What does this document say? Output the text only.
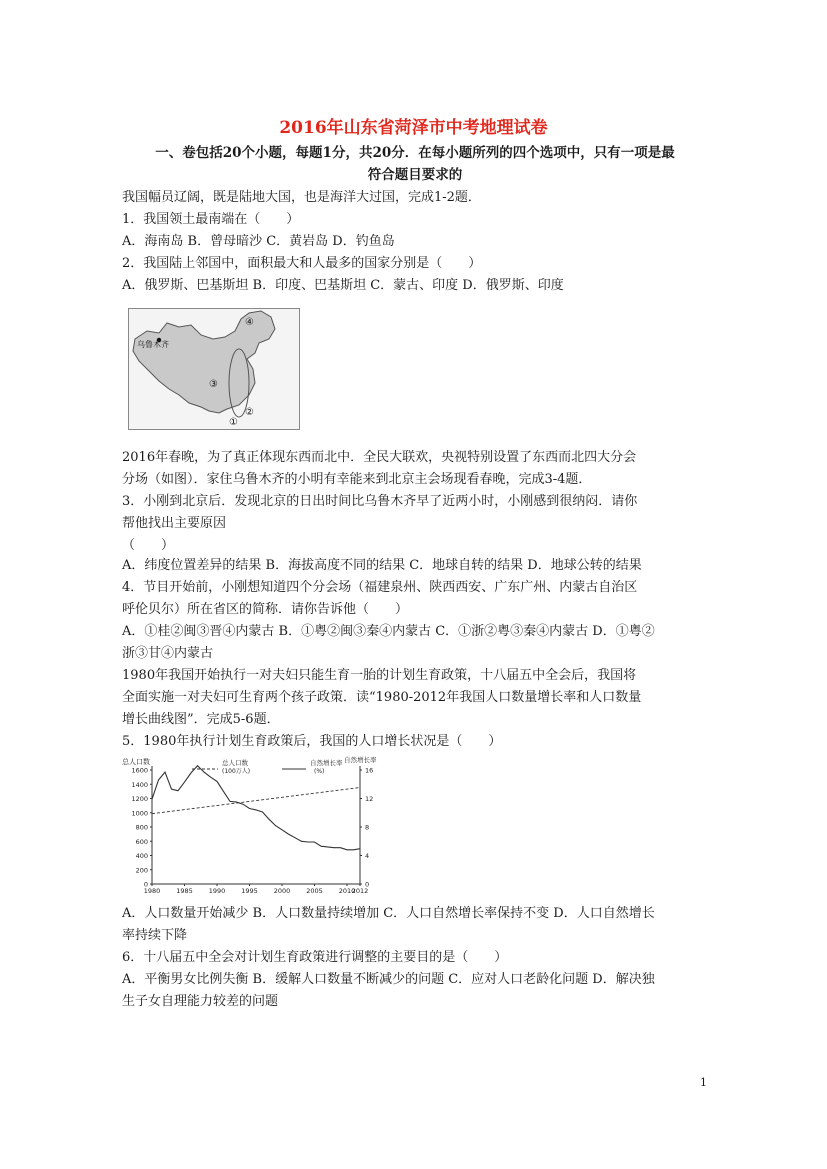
2016年山东省菏泽市中考地理试卷
一、卷包括20个小题，每题1分，共20分．在每小题所列的四个选项中，只有一项是最
符合题目要求的
我国幅员辽阔，既是陆地大国，也是海洋大过国，完成1-2题．
1．我国领土最南端在（　　）
A．海南岛 B．曾母暗沙 C．黄岩岛 D．钓鱼岛
2．我国陆上邻国中，面积最大和人最多的国家分别是（　　）
A．俄罗斯、巴基斯坦 B．印度、巴基斯坦 C．蒙古、印度 D．俄罗斯、印度
乌鲁木齐
①
②
③
④
2016年春晚，为了真正体现东西而北中．全民大联欢，央视特别设置了东西而北四大分会
分场（如图）．家住乌鲁木齐的小明有幸能来到北京主会场现看春晚，完成3-4题．
3．小刚到北京后．发现北京的日出时间比乌鲁木齐早了近两小时，小刚感到很纳闷．请你
帮他找出主要原因
（　　）
A．纬度位置差异的结果 B．海拔高度不同的结果 C．地球自转的结果 D．地球公转的结果
4．节目开始前，小刚想知道四个分会场（福建泉州、陕西西安、广东广州、内蒙古自治区
呼伦贝尔）所在省区的简称．请你告诉他（　　）
A．①桂②闽③晋④内蒙古 B．①粤②闽③秦④内蒙古 C．①浙②粤③秦④内蒙古 D．①粤②
浙③甘④内蒙古
1980年我国开始执行一对夫妇只能生育一胎的计划生育政策，十八届五中全会后，我国将
全面实施一对夫妇可生育两个孩子政策．读“1980-2012年我国人口数量增长率和人口数量
增长曲线图”．完成5-6题．
5．1980年执行计划生育政策后，我国的人口增长状况是（　　）
总人口数	自然增长率
1600
1400
1200
1000
800
600
400
200
0
16
12
8
4
0
1980 1985 1990 1995 2000 2005 2010
2012
总人口数
(100万人)
自然增长率
(%)
A．人口数量开始减少 B．人口数量持续增加 C．人口自然增长率保持不变 D．人口自然增长
率持续下降
6．十八届五中全会对计划生育政策进行调整的主要目的是（　　）
A．平衡男女比例失衡 B．缓解人口数量不断减少的问题 C．应对人口老龄化问题 D．解决独
生子女自理能力较差的问题
1
